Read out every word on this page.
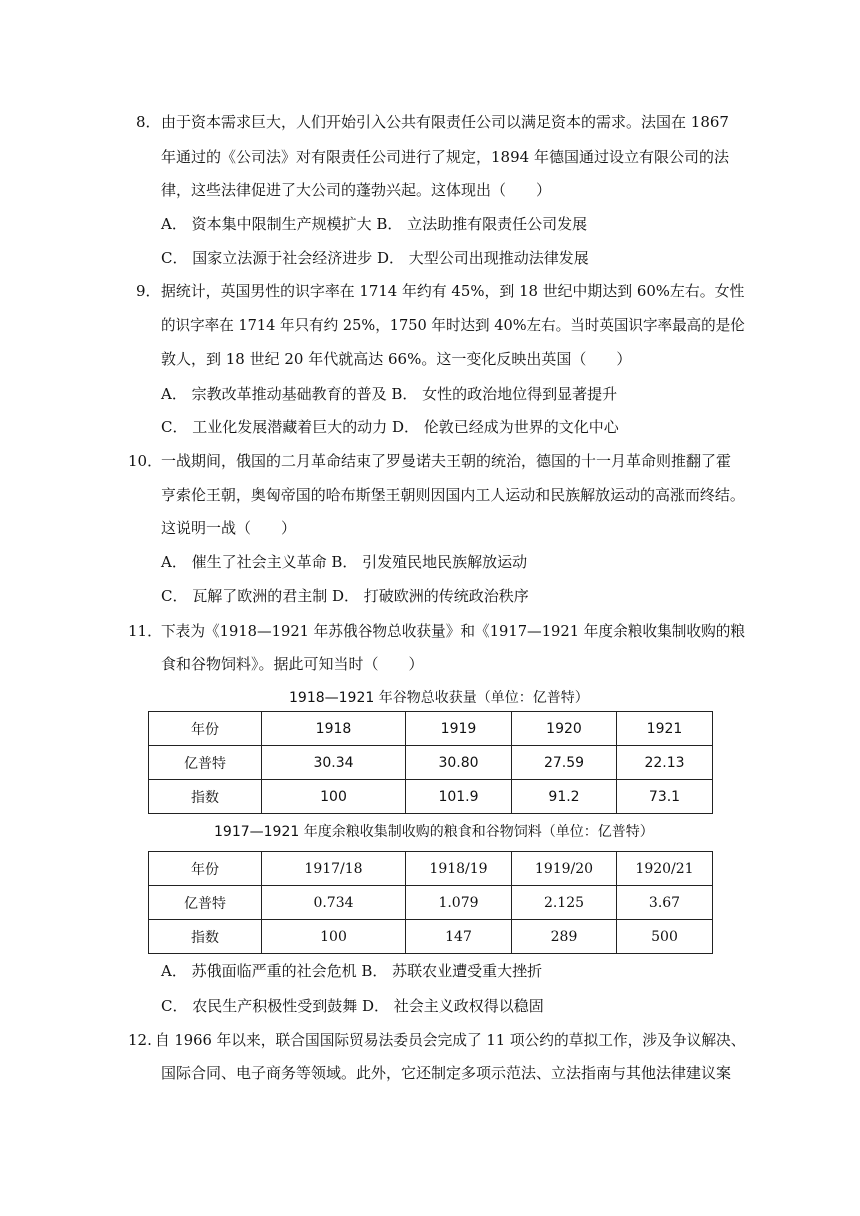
8． 由于资本需求巨大，人们开始引入公共有限责任公司以满足资本的需求。法国在 1867
年通过的《公司法》对有限责任公司进行了规定，1894 年德国通过设立有限公司的法
律，这些法律促进了大公司的蓬勃兴起。这体现出（　　）
A． 资本集中限制生产规模扩大 B． 立法助推有限责任公司发展
C． 国家立法源于社会经济进步 D． 大型公司出现推动法律发展
9． 据统计，英国男性的识字率在 1714 年约有 45%，到 18 世纪中期达到 60%左右。女性
的识字率在 1714 年只有约 25%，1750 年时达到 40%左右。当时英国识字率最高的是伦
敦人，到 18 世纪 20 年代就高达 66%。这一变化反映出英国（　　）
A． 宗教改革推动基础教育的普及 B． 女性的政治地位得到显著提升
C． 工业化发展潜藏着巨大的动力 D． 伦敦已经成为世界的文化中心
10．
一战期间，俄国的二月革命结束了罗曼诺夫王朝的统治，德国的十一月革命则推翻了霍
亨索伦王朝，奥匈帝国的哈布斯堡王朝则因国内工人运动和民族解放运动的高涨而终结。
这说明一战（　　）
A． 催生了社会主义革命 B． 引发殖民地民族解放运动
C． 瓦解了欧洲的君主制 D． 打破欧洲的传统政治秩序
11．
下表为《1918—1921 年苏俄谷物总收获量》和《1917—1921 年度余粮收集制收购的粮
食和谷物饲料》。据此可知当时（　　）
1918—1921 年谷物总收获量（单位：亿普特）
年份	1918	1919	1920	1921
亿普特	30.34	30.80	27.59	22.13
指数	100	101.9	91.2	73.1
1917—1921 年度余粮收集制收购的粮食和谷物饲料（单位：亿普特）
年份	1917/18	1918/19	1919/20	1920/21
亿普特	0.734	1.079	2.125	3.67
指数	100	147	289	500
A． 苏俄面临严重的社会危机 B． 苏联农业遭受重大挫折
C． 农民生产积极性受到鼓舞 D． 社会主义政权得以稳固
12. 自 1966 年以来，联合国国际贸易法委员会完成了 11 项公约的草拟工作，涉及争议解决、
国际合同、电子商务等领域。此外，它还制定多项示范法、立法指南与其他法律建议案
